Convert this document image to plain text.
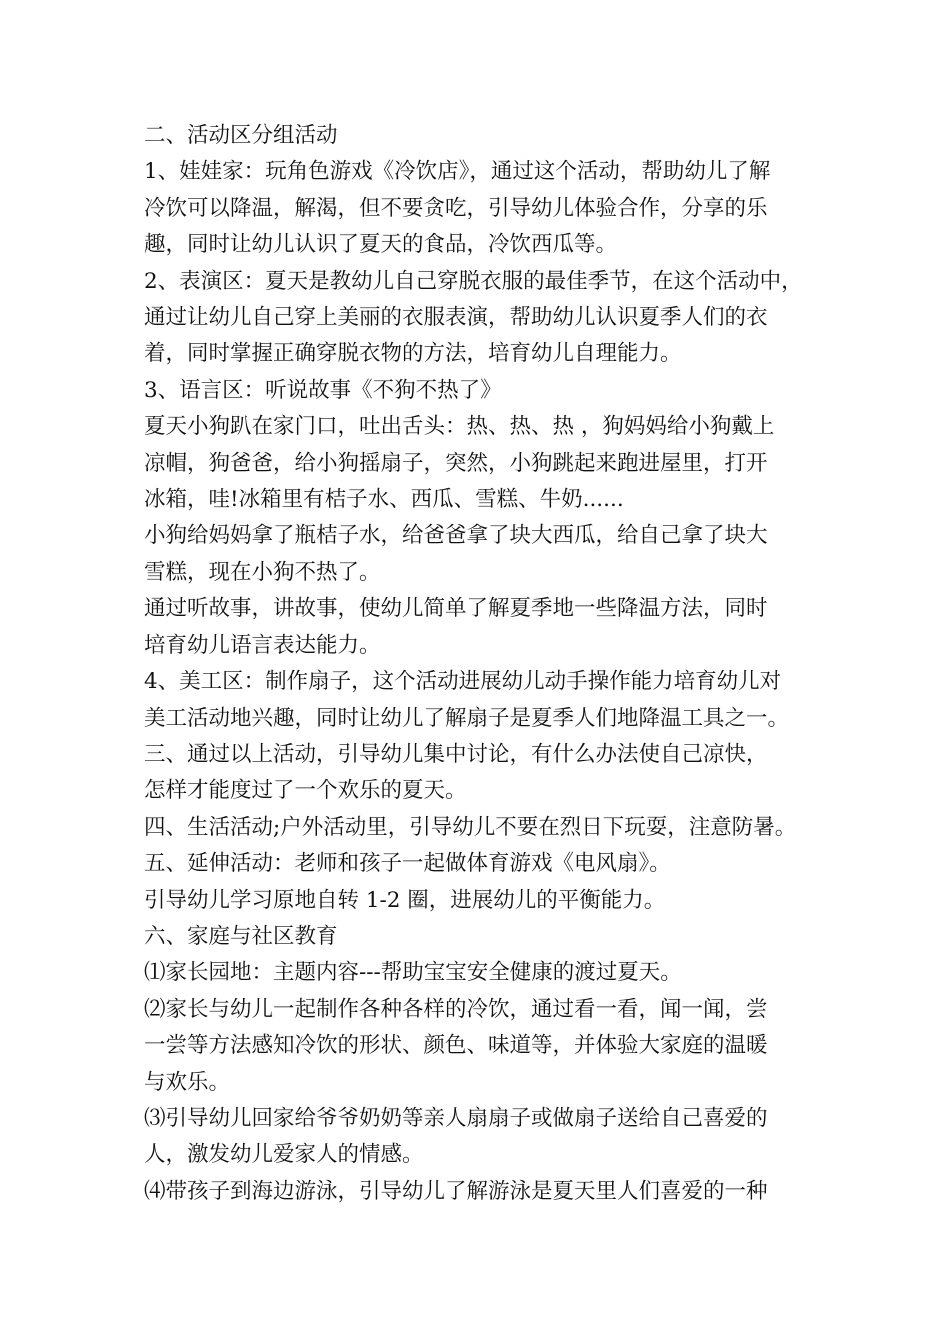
二、活动区分组活动
1、娃娃家：玩角色游戏《冷饮店》，通过这个活动，帮助幼儿了解
冷饮可以降温，解渴，但不要贪吃，引导幼儿体验合作，分享的乐
趣，同时让幼儿认识了夏天的食品，冷饮西瓜等。
2、表演区：夏天是教幼儿自己穿脱衣服的最佳季节，在这个活动中，
通过让幼儿自己穿上美丽的衣服表演，帮助幼儿认识夏季人们的衣
着，同时掌握正确穿脱衣物的方法，培育幼儿自理能力。
3、语言区：听说故事《不狗不热了》
夏天小狗趴在家门口，吐出舌头：热、热、热 ，狗妈妈给小狗戴上
凉帽，狗爸爸，给小狗摇扇子，突然，小狗跳起来跑进屋里，打开
冰箱，哇!冰箱里有桔子水、西瓜、雪糕、牛奶......
小狗给妈妈拿了瓶桔子水，给爸爸拿了块大西瓜，给自己拿了块大
雪糕，现在小狗不热了。
通过听故事，讲故事，使幼儿简单了解夏季地一些降温方法，同时
培育幼儿语言表达能力。
4、美工区：制作扇子，这个活动进展幼儿动手操作能力培育幼儿对
美工活动地兴趣，同时让幼儿了解扇子是夏季人们地降温工具之一。
三、通过以上活动，引导幼儿集中讨论，有什么办法使自己凉快，
怎样才能度过了一个欢乐的夏天。
四、生活活动;户外活动里，引导幼儿不要在烈日下玩耍，注意防暑。
五、延伸活动：老师和孩子一起做体育游戏《电风扇》。
引导幼儿学习原地自转 1-2 圈，进展幼儿的平衡能力。
六、家庭与社区教育
⑴家长园地：主题内容---帮助宝宝安全健康的渡过夏天。
⑵家长与幼儿一起制作各种各样的冷饮，通过看一看，闻一闻，尝
一尝等方法感知冷饮的形状、颜色、味道等，并体验大家庭的温暖
与欢乐。
⑶引导幼儿回家给爷爷奶奶等亲人扇扇子或做扇子送给自己喜爱的
人，激发幼儿爱家人的情感。
⑷带孩子到海边游泳，引导幼儿了解游泳是夏天里人们喜爱的一种
